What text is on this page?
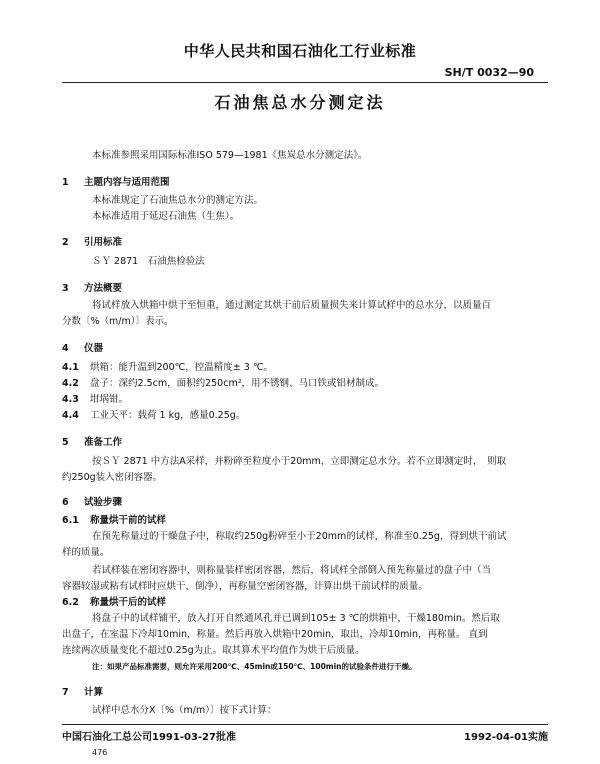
中华人民共和国石油化工行业标准
SH/T 0032—90
石油焦总水分测定法
本标准参照采用国际标准ISO 579—1981《焦炭总水分测定法》。
1 主题内容与适用范围
本标准规定了石油焦总水分的测定方法。
本标准适用于延迟石油焦（生焦）。
2 引用标准
ＳＹ 2871　石油焦检验法
3 方法概要
将试样放入烘箱中烘干至恒重，通过测定其烘干前后质量损失来计算试样中的总水分，以质量百
分数〔%（m/m）〕表示。
4 仪器
4.1 烘箱：能升温到200℃，控温精度± 3 ℃。
4.2 盘子：深约2.5cm，面积约250cm²，用不锈钢、马口铁或铝材制成。
4.3 坩埚钳。
4.4 工业天平：载荷 1 kg，感量0.25g。
5 准备工作
按ＳＹ 2871 中方法A采样，并粉碎至粒度小于20mm，立即测定总水分。若不立即测定时，　则取
约250g装入密闭容器。
6 试验步骤
6.1 称量烘干前的试样
在预先称量过的干燥盘子中，称取约250g粉碎至小于20mm的试样，称准至0.25g，得到烘干前试
样的质量。
若试样装在密闭容器中，则称量装样密闭容器，然后，将试样全部倒入预先称量过的盘子中（当
容器较湿或粘有试样时应烘干，倒净），再称量空密闭容器，计算出烘干前试样的质量。
6.2 称量烘干后的试样
将盘子中的试样铺平，放入打开自然通风孔并已调到105± 3 ℃的烘箱中，干燥180min。然后取
出盘子，在室温下冷却10min，称量。然后再放入烘箱中20min，取出，冷却10min，再称量。 直到
连续两次质量变化不超过0.25g为止。取其算术平均值作为烘干后质量。
注：如果产品标准需要，则允许采用200℃、45min或150℃、100min的试验条件进行干燥。
7 计算
试样中总水分X〔%（m/m）〕按下式计算：
中国石油化工总公司1991-03-27批准	1992-04-01实施
476
